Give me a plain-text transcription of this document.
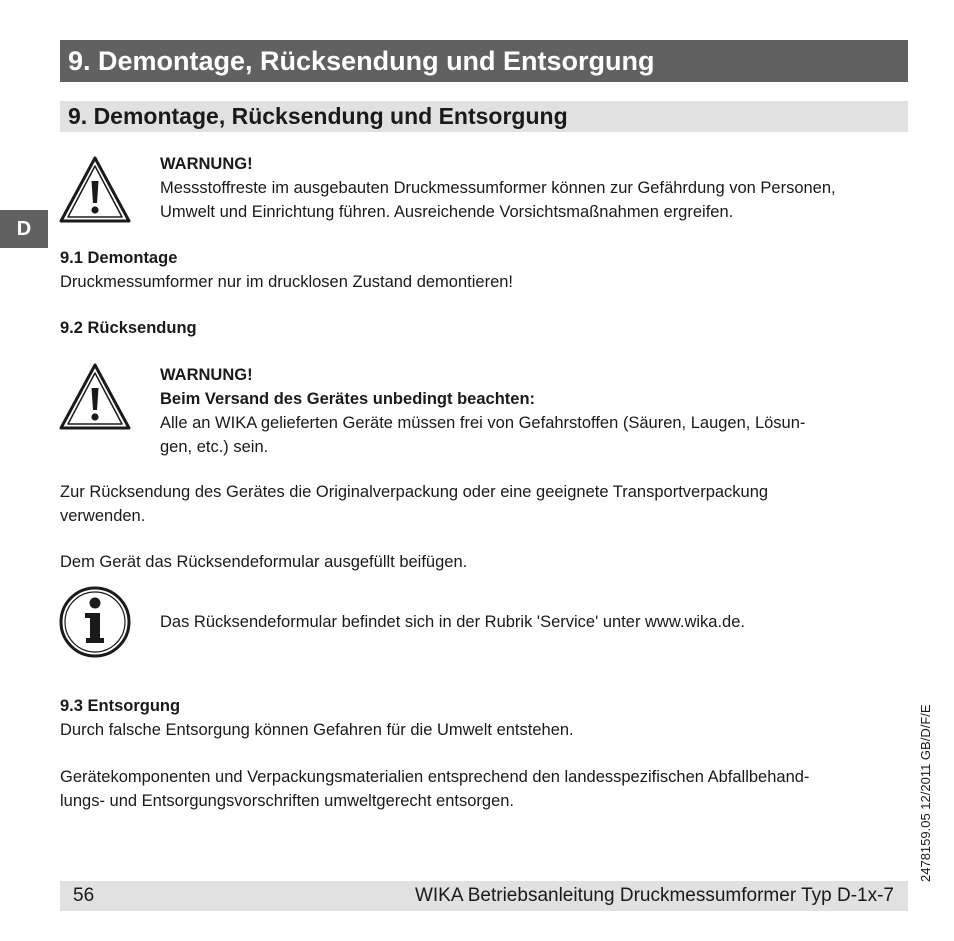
9. Demontage, Rücksendung und Entsorgung
9. Demontage, Rücksendung und Entsorgung
D
WARNUNG!
Messstoffreste im ausgebauten Druckmessumformer können zur Gefährdung von Personen,
Umwelt und Einrichtung führen. Ausreichende Vorsichtsmaßnahmen ergreifen.
9.1 Demontage
Druckmessumformer nur im drucklosen Zustand demontieren!
9.2 Rücksendung
WARNUNG!
Beim Versand des Gerätes unbedingt beachten:
Alle an WIKA gelieferten Geräte müssen frei von Gefahrstoffen (Säuren, Laugen, Lösun-
gen, etc.) sein.
Zur Rücksendung des Gerätes die Originalverpackung oder eine geeignete Transportverpackung
verwenden.
Dem Gerät das Rücksendeformular ausgefüllt beifügen.
Das Rücksendeformular befindet sich in der Rubrik 'Service' unter www.wika.de.
9.3 Entsorgung
Durch falsche Entsorgung können Gefahren für die Umwelt entstehen.
Gerätekomponenten und Verpackungsmaterialien entsprechend den landesspezifischen Abfallbehand-
lungs- und Entsorgungsvorschriften umweltgerecht entsorgen.	2478159.05 12/2011 GB/D/F/E
56	WIKA Betriebsanleitung Druckmessumformer Typ D-1x-7
